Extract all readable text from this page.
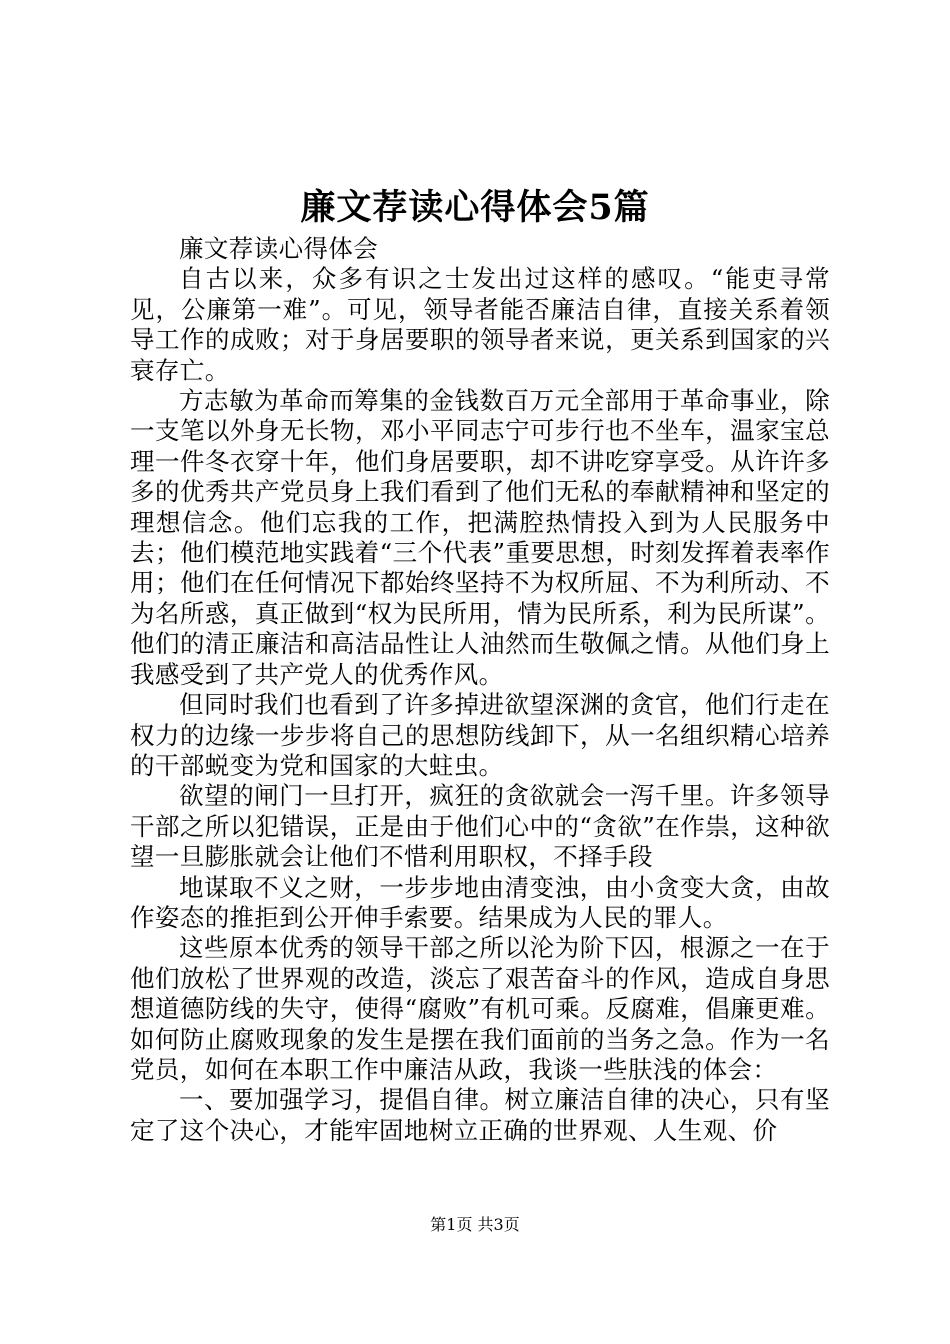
廉文荐读心得体会5篇

廉文荐读心得体会

自古以来，众多有识之士发出过这样的感叹。“能吏寻常见，公廉第一难”。可见，领导者能否廉洁自律，直接关系着领导工作的成败；对于身居要职的领导者来说，更关系到国家的兴衰存亡。

方志敏为革命而筹集的金钱数百万元全部用于革命事业，除一支笔以外身无长物，邓小平同志宁可步行也不坐车，温家宝总理一件冬衣穿十年，他们身居要职，却不讲吃穿享受。从许许多多的优秀共产党员身上我们看到了他们无私的奉献精神和坚定的理想信念。他们忘我的工作，把满腔热情投入到为人民服务中去；他们模范地实践着“三个代表”重要思想，时刻发挥着表率作用；他们在任何情况下都始终坚持不为权所屈、不为利所动、不为名所惑，真正做到“权为民所用，情为民所系，利为民所谋”。他们的清正廉洁和高洁品性让人油然而生敬佩之情。从他们身上我感受到了共产党人的优秀作风。

但同时我们也看到了许多掉进欲望深渊的贪官，他们行走在权力的边缘一步步将自己的思想防线卸下，从一名组织精心培养的干部蜕变为党和国家的大蛀虫。

欲望的闸门一旦打开，疯狂的贪欲就会一泻千里。许多领导干部之所以犯错误，正是由于他们心中的“贪欲”在作祟，这种欲望一旦膨胀就会让他们不惜利用职权，不择手段

地谋取不义之财，一步步地由清变浊，由小贪变大贪，由故作姿态的推拒到公开伸手索要。结果成为人民的罪人。

这些原本优秀的领导干部之所以沦为阶下囚，根源之一在于他们放松了世界观的改造，淡忘了艰苦奋斗的作风，造成自身思想道德防线的失守，使得“腐败”有机可乘。反腐难，倡廉更难。如何防止腐败现象的发生是摆在我们面前的当务之急。作为一名党员，如何在本职工作中廉洁从政，我谈一些肤浅的体会：

一、要加强学习，提倡自律。树立廉洁自律的决心，只有坚定了这个决心，才能牢固地树立正确的世界观、人生观、价

第1页 共3页
